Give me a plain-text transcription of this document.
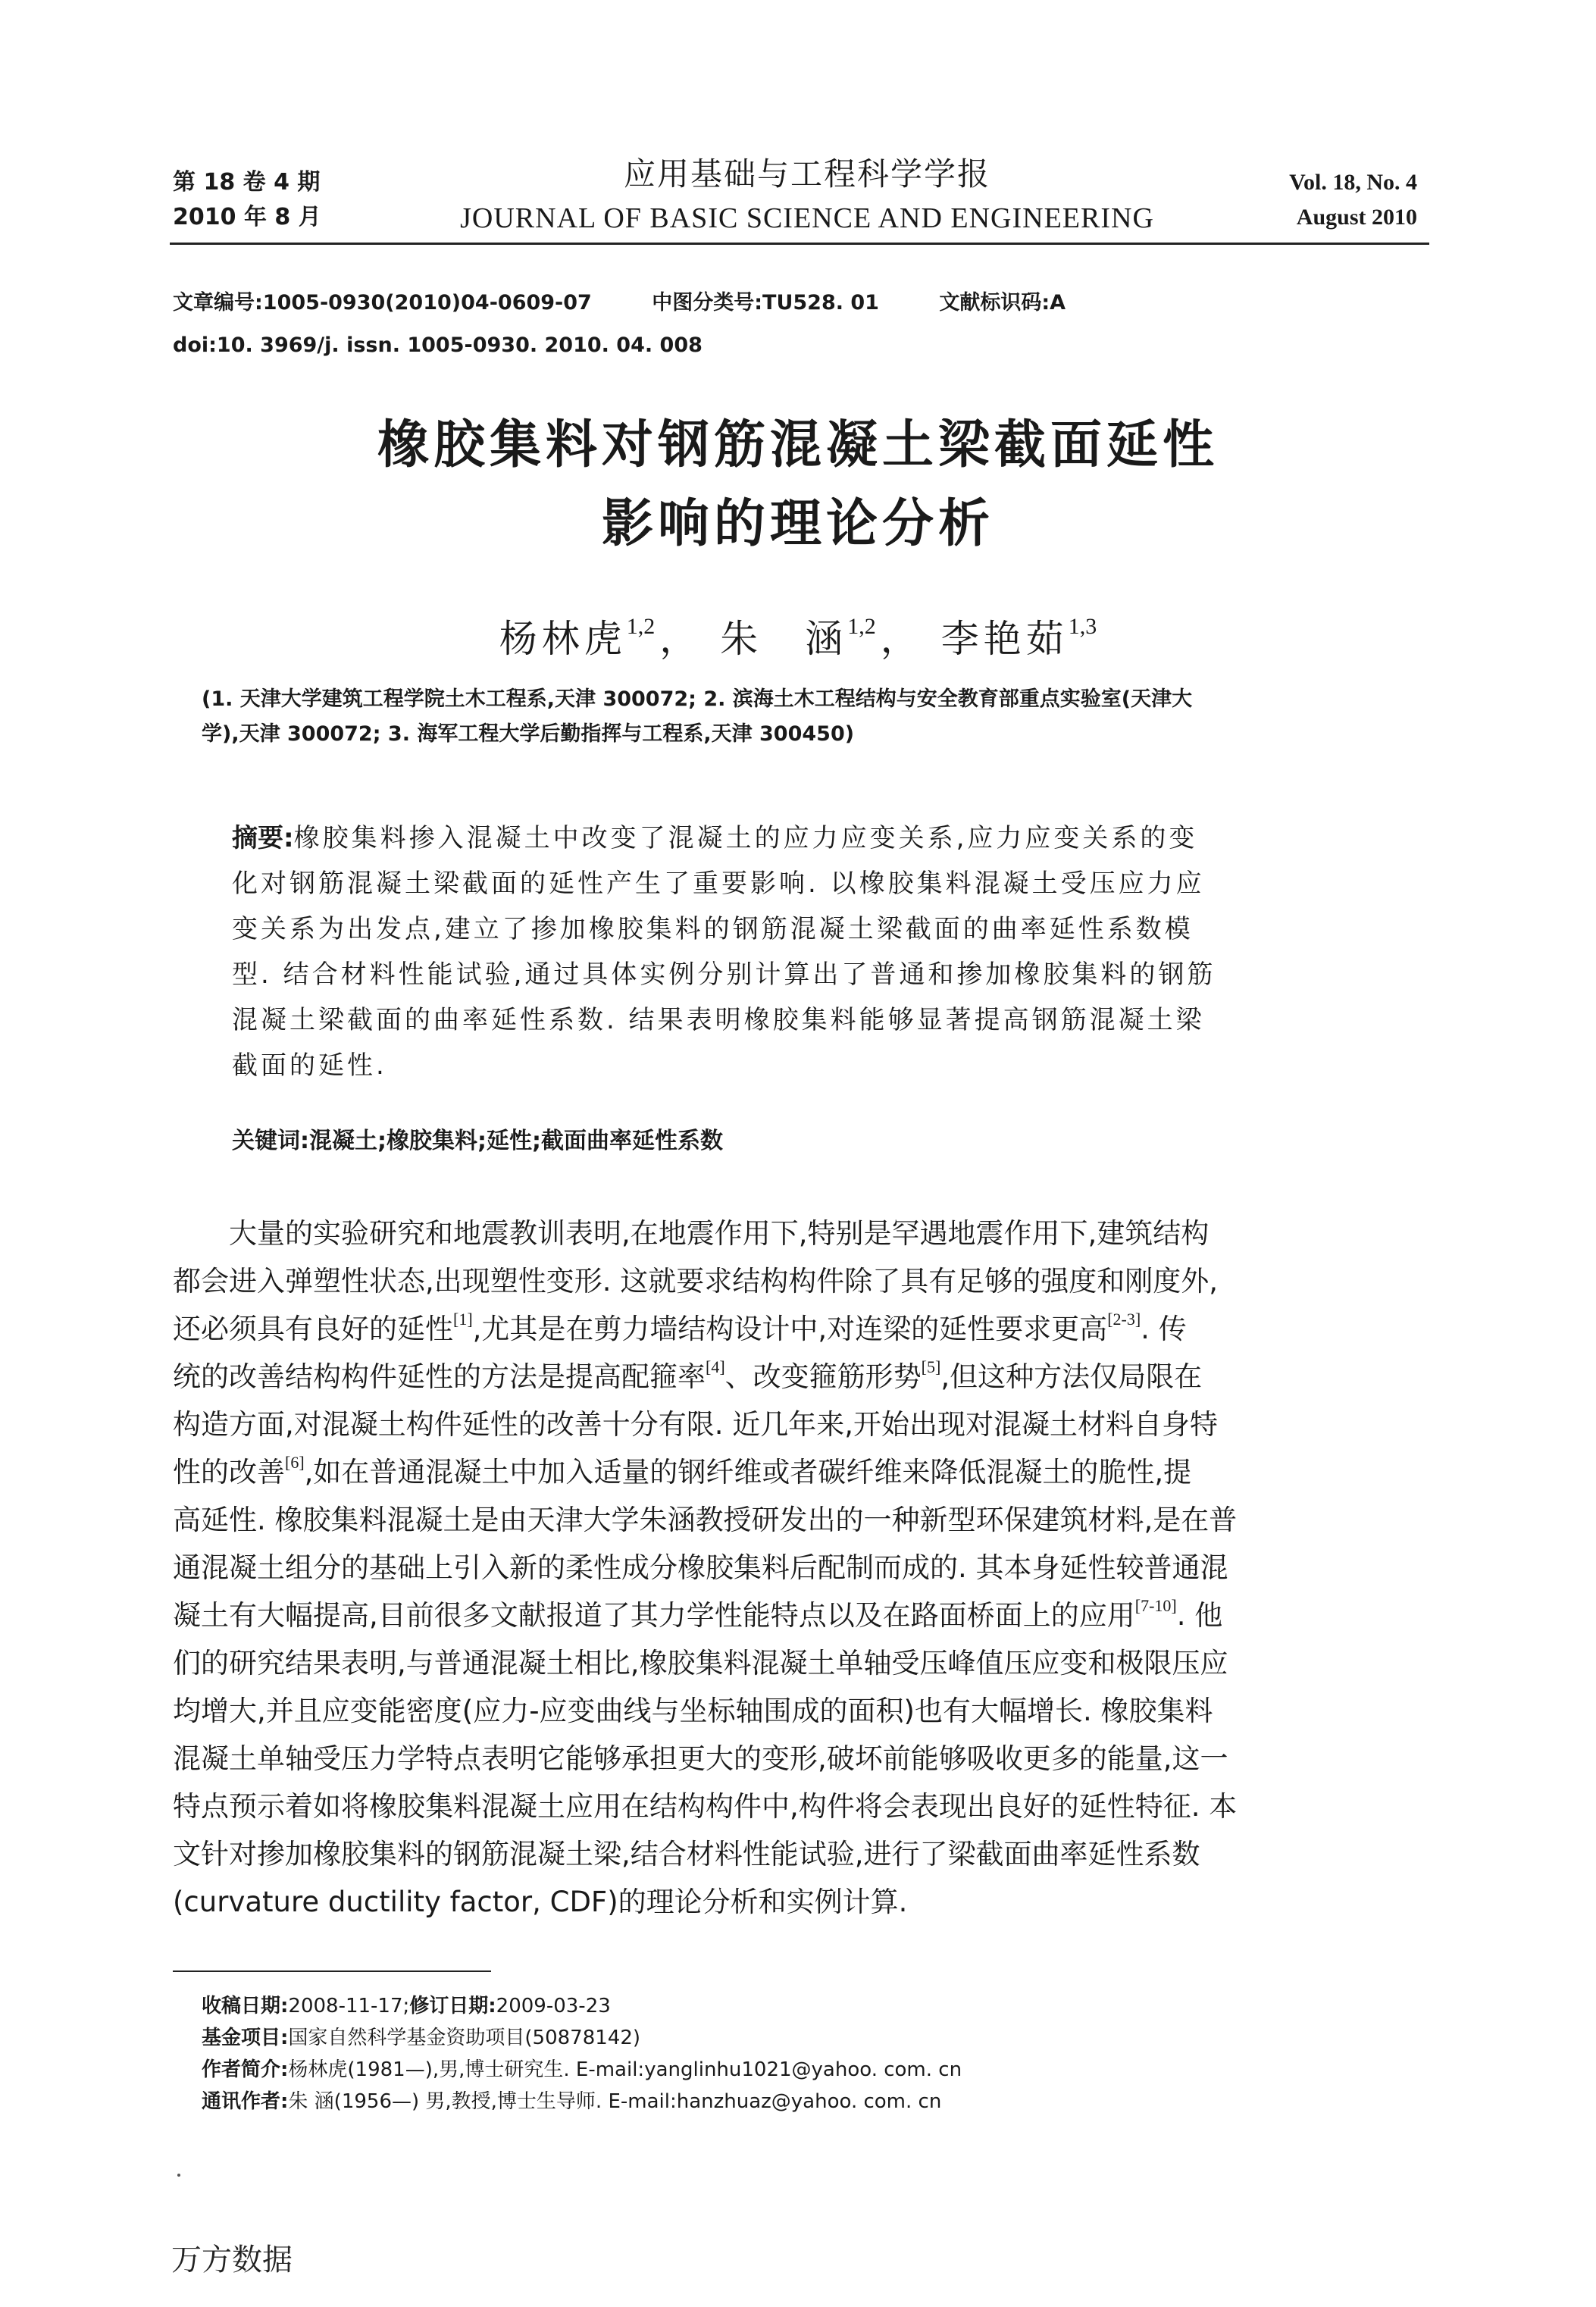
第 18 卷 4 期
2010 年 8 月
应用基础与工程科学学报
JOURNAL OF BASIC SCIENCE AND ENGINEERING
Vol. 18, No. 4
August 2010
文章编号:1005-0930(2010)04-0609-07	中图分类号:TU528. 01	文献标识码:A
doi:10. 3969/j. issn. 1005-0930. 2010. 04. 008
橡胶集料对钢筋混凝土梁截面延性
影响的理论分析
杨林虎$^{1,2}$ ， 朱　涵$^{1,2}$ ， 李艳茹$^{1,3}$
(1. 天津大学建筑工程学院土木工程系,天津 300072; 2. 滨海土木工程结构与安全教育部重点实验室(天津大
学),天津 300072; 3. 海军工程大学后勤指挥与工程系,天津 300450)
摘要:橡胶集料掺入混凝土中改变了混凝土的应力应变关系,应力应变关系的变
化对钢筋混凝土梁截面的延性产生了重要影响. 以橡胶集料混凝土受压应力应
变关系为出发点,建立了掺加橡胶集料的钢筋混凝土梁截面的曲率延性系数模
型. 结合材料性能试验,通过具体实例分别计算出了普通和掺加橡胶集料的钢筋
混凝土梁截面的曲率延性系数. 结果表明橡胶集料能够显著提高钢筋混凝土梁
截面的延性.
关键词:混凝土;橡胶集料;延性;截面曲率延性系数
大量的实验研究和地震教训表明,在地震作用下,特别是罕遇地震作用下,建筑结构
都会进入弹塑性状态,出现塑性变形. 这就要求结构构件除了具有足够的强度和刚度外,
还必须具有良好的延性[1],尤其是在剪力墙结构设计中,对连梁的延性要求更高[2-3]. 传
统的改善结构构件延性的方法是提高配箍率[4]、改变箍筋形势[5],但这种方法仅局限在
构造方面,对混凝土构件延性的改善十分有限. 近几年来,开始出现对混凝土材料自身特
性的改善[6],如在普通混凝土中加入适量的钢纤维或者碳纤维来降低混凝土的脆性,提
高延性. 橡胶集料混凝土是由天津大学朱涵教授研发出的一种新型环保建筑材料,是在普
通混凝土组分的基础上引入新的柔性成分橡胶集料后配制而成的. 其本身延性较普通混
凝土有大幅提高,目前很多文献报道了其力学性能特点以及在路面桥面上的应用[7-10]. 他
们的研究结果表明,与普通混凝土相比,橡胶集料混凝土单轴受压峰值压应变和极限压应
均增大,并且应变能密度(应力-应变曲线与坐标轴围成的面积)也有大幅增长. 橡胶集料
混凝土单轴受压力学特点表明它能够承担更大的变形,破坏前能够吸收更多的能量,这一
特点预示着如将橡胶集料混凝土应用在结构构件中,构件将会表现出良好的延性特征. 本
文针对掺加橡胶集料的钢筋混凝土梁,结合材料性能试验,进行了梁截面曲率延性系数
(curvature ductility factor, CDF)的理论分析和实例计算.
收稿日期:2008-11-17;修订日期:2009-03-23
基金项目:国家自然科学基金资助项目(50878142)
作者简介:杨林虎(1981—),男,博士研究生. E-mail:yanglinhu1021@yahoo. com. cn
通讯作者:朱 涵(1956—) 男,教授,博士生导师. E-mail:hanzhuaz@yahoo. com. cn
万方数据
